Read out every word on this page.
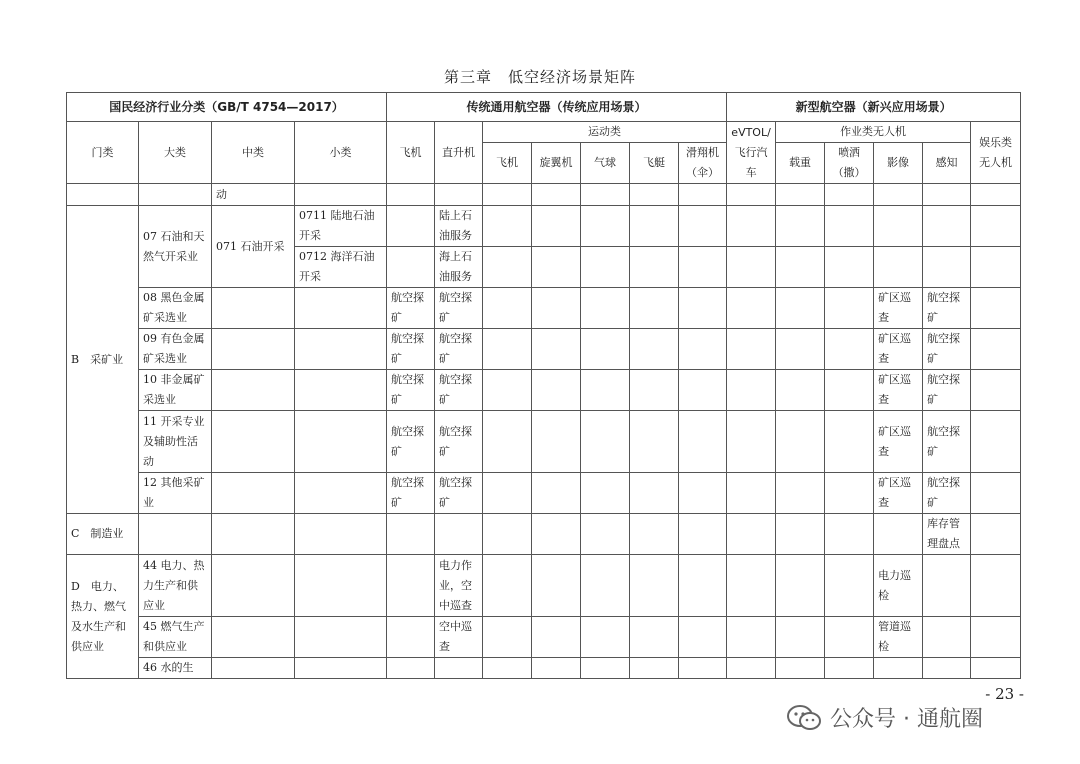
第三章　低空经济场景矩阵
国民经济行业分类（GB/T 4754—2017）				传统通用航空器（传统应用场景）							新型航空器（新兴应用场景）					
门类	大类	中类	小类	飞机	直升机	运动类					eVTOL/飞行汽车	作业类无人机				娱乐类无人机
						飞机	旋翼机	气球	飞艇	滑翔机（伞）		载重	喷洒（撒）	影像	感知	
		动														
B　采矿业	07 石油和天然气开采业	071 石油开采	0711 陆地石油开采		陆上石油服务											
			0712 海洋石油开采		海上石油服务											
	08 黑色金属矿采选业			航空探矿	航空探矿									矿区巡查	航空探矿	
	09 有色金属矿采选业			航空探矿	航空探矿									矿区巡查	航空探矿	
	10 非金属矿采选业			航空探矿	航空探矿									矿区巡查	航空探矿	
	11 开采专业及辅助性活动			航空探矿	航空探矿									矿区巡查	航空探矿	
	12 其他采矿业			航空探矿	航空探矿									矿区巡查	航空探矿	
C　制造业															库存管理盘点	
D　电力、热力、燃气及水生产和供应业	44 电力、热力生产和供应业				电力作业，空中巡查									电力巡检		
	45 燃气生产和供应业				空中巡查									管道巡检		
	46 水的生															
- 23 -
公众号 · 通航圈
